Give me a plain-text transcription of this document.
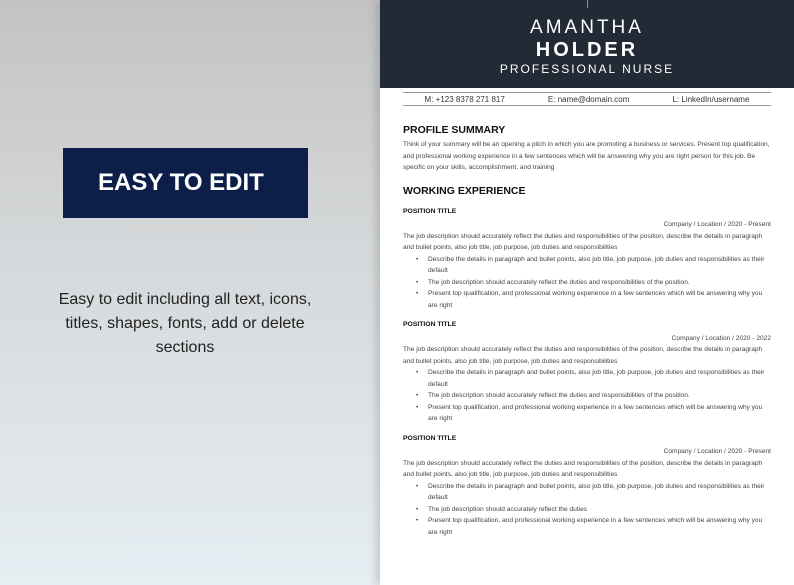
EASY TO EDIT
Easy to edit including all text, icons, titles, shapes, fonts, add or delete sections
AMANTHA
HOLDER
PROFESSIONAL NURSE
M: +123 8378 271 817	E: name@domain.com	L: LinkedIn/username
PROFILE SUMMARY

Think of your summary will be an opening a pitch in which you are promoting a business or services. Present top qualification, and professional working experience in a few sentences which will be answering why you are right person for this job. Be specific on your skills, accomplishment, and training

WORKING EXPERIENCE
POSITION TITLE
Company / Location / 2020 - Present

The job description should accurately reflect the duties and responsibilities of the position, describe the details in paragraph and bullet points, also job title, job purpose, job duties and responsibilities

• Describe the details in paragraph and bullet points, also job title, job purpose, job duties and responsibilities as their default
• The job description should accurately reflect the duties and responsibilities of the position.
• Present top qualification, and professional working experience in a few sentences which will be answering why you are right
POSITION TITLE
Company / Location / 2020 - 2022

The job description should accurately reflect the duties and responsibilities of the position, describe the details in paragraph and bullet points, also job title, job purpose, job duties and responsibilities

• Describe the details in paragraph and bullet points, also job title, job purpose, job duties and responsibilities as their default
• The job description should accurately reflect the duties and responsibilities of the position.
• Present top qualification, and professional working experience in a few sentences which will be answering why you are right
POSITION TITLE
Company / Location / 2020 - Present

The job description should accurately reflect the duties and responsibilities of the position, describe the details in paragraph and bullet points, also job title, job purpose, job duties and responsibilities

• Describe the details in paragraph and bullet points, also job title, job purpose, job duties and responsibilities as their default
• The job description should accurately reflect the duties
• Present top qualification, and professional working experience in a few sentences which will be answering why you are right
